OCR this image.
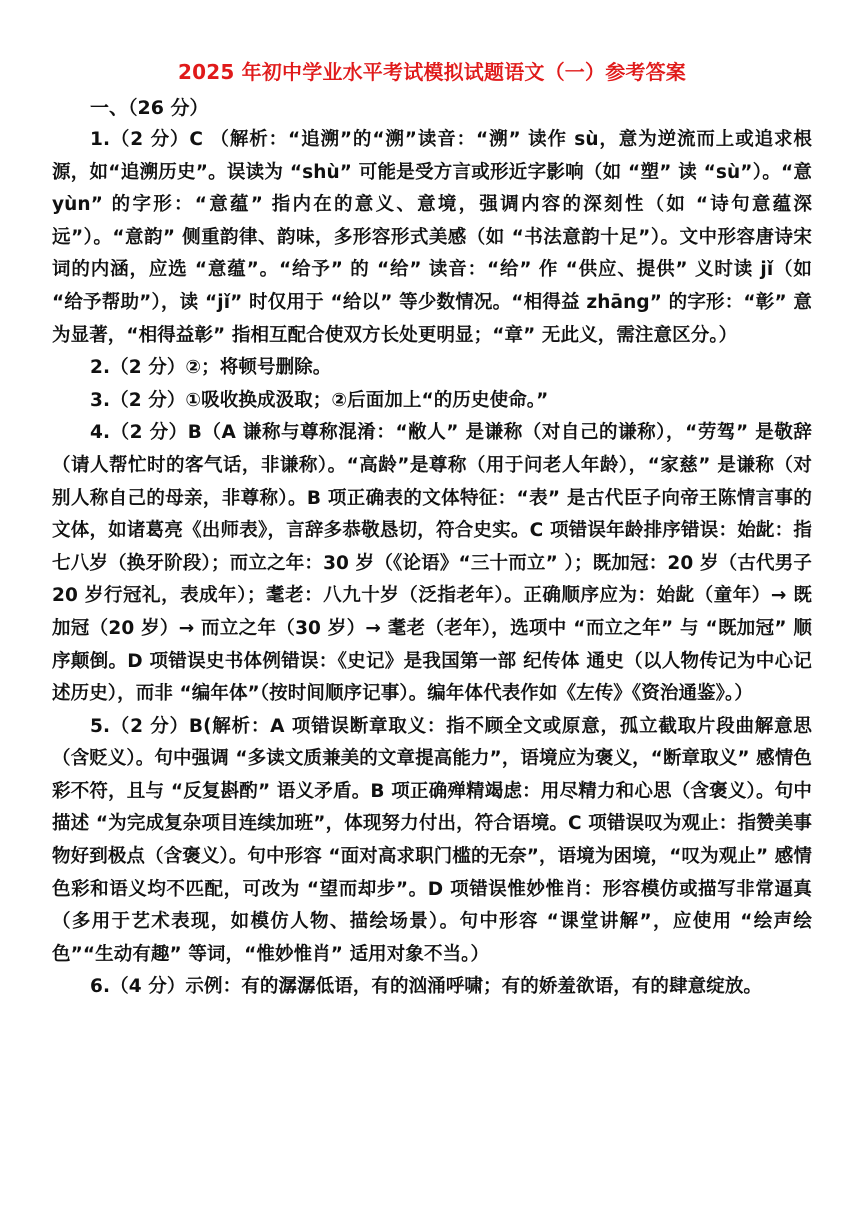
2025 年初中学业水平考试模拟试题语文（一）参考答案

一、（26 分）

1.（2 分）C （解析：“追溯”的“溯”读音：“溯” 读作 sù，意为逆流而上或追求根源，如“追溯历史”。误读为 “shù” 可能是受方言或形近字影响（如 “塑” 读 “sù”）。“意 yùn” 的字形：“意蕴” 指内在的意义、意境，强调内容的深刻性（如 “诗句意蕴深远”）。“意韵” 侧重韵律、韵味，多形容形式美感（如 “书法意韵十足”）。文中形容唐诗宋词的内涵，应选 “意蕴”。“给予” 的 “给” 读音：“给” 作 “供应、提供” 义时读 jǐ（如 “给予帮助”），读 “jǐ” 时仅用于 “给以” 等少数情况。“相得益 zhāng” 的字形：“彰” 意为显著，“相得益彰” 指相互配合使双方长处更明显；“章” 无此义，需注意区分。）

2.（2 分）②；将顿号删除。

3.（2 分）①吸收换成汲取；②后面加上“的历史使命。”

4.（2 分）B（A 谦称与尊称混淆：“敝人” 是谦称（对自己的谦称），“劳驾” 是敬辞（请人帮忙时的客气话，非谦称）。“高龄”是尊称（用于问老人年龄），“家慈” 是谦称（对别人称自己的母亲，非尊称）。B 项正确表的文体特征：“表” 是古代臣子向帝王陈情言事的文体，如诸葛亮《出师表》，言辞多恭敬恳切，符合史实。C 项错误年龄排序错误：始龀：指七八岁（换牙阶段）；而立之年：30 岁（《论语》“三十而立” ）；既加冠：20 岁（古代男子 20 岁行冠礼，表成年）；耄老：八九十岁（泛指老年）。正确顺序应为：始龀（童年）→ 既加冠（20 岁）→ 而立之年（30 岁）→ 耄老（老年），选项中 “而立之年” 与 “既加冠” 顺序颠倒。D 项错误史书体例错误：《史记》是我国第一部 纪传体 通史（以人物传记为中心记述历史），而非 “编年体”（按时间顺序记事）。编年体代表作如《左传》《资治通鉴》。）

5.（2 分）B(解析：A 项错误断章取义：指不顾全文或原意，孤立截取片段曲解意思（含贬义）。句中强调 “多读文质兼美的文章提高能力”，语境应为褒义，“断章取义” 感情色彩不符，且与 “反复斟酌” 语义矛盾。B 项正确殚精竭虑：用尽精力和心思（含褒义）。句中描述 “为完成复杂项目连续加班”，体现努力付出，符合语境。C 项错误叹为观止：指赞美事物好到极点（含褒义）。句中形容 “面对高求职门槛的无奈”，语境为困境，“叹为观止” 感情色彩和语义均不匹配，可改为 “望而却步”。D 项错误惟妙惟肖：形容模仿或描写非常逼真（多用于艺术表现，如模仿人物、描绘场景）。句中形容 “课堂讲解”，应使用 “绘声绘色”“生动有趣” 等词，“惟妙惟肖” 适用对象不当。）

6.（4 分）示例：有的潺潺低语，有的汹涌呼啸；有的娇羞欲语，有的肆意绽放。
